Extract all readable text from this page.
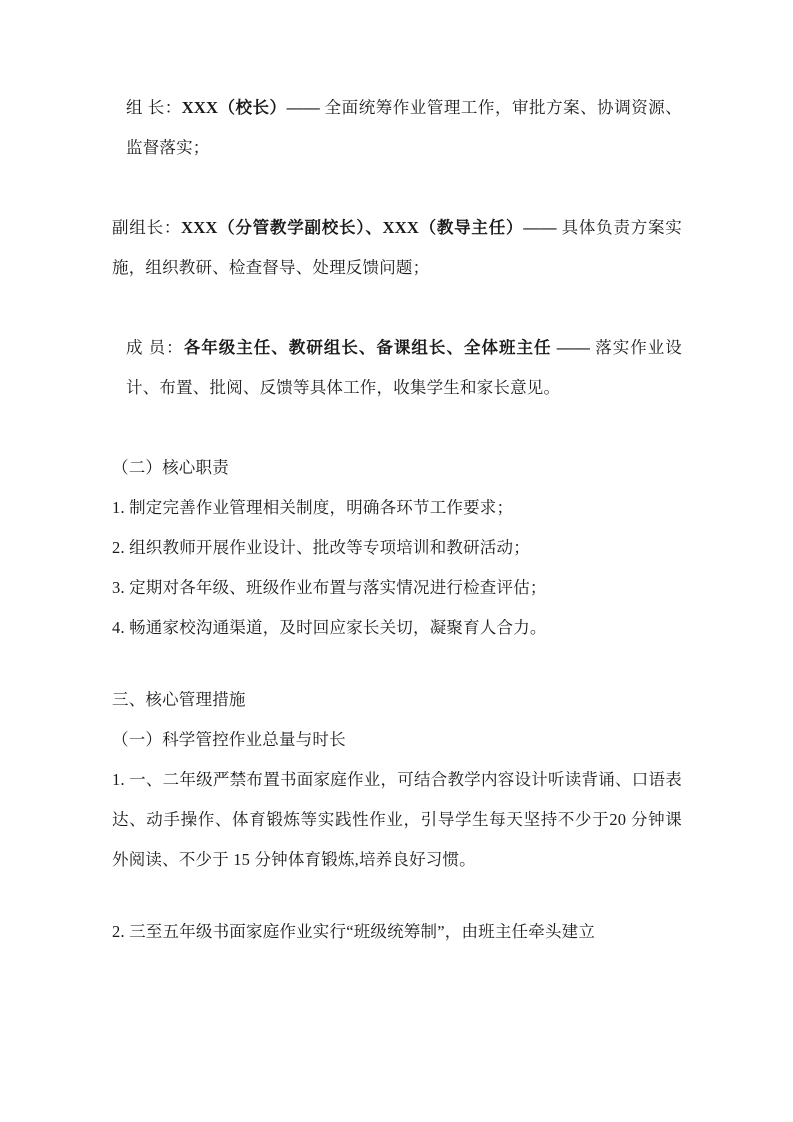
组 长：XXX（校长）—— 全面统筹作业管理工作，审批方案、协调资源、监督落实；

副组长：XXX（分管教学副校长）、XXX（教导主任）—— 具体负责方案实施，组织教研、检查督导、处理反馈问题；

成 员：各年级主任、教研组长、备课组长、全体班主任 —— 落实作业设计、布置、批阅、反馈等具体工作，收集学生和家长意见。

（二）核心职责

1. 制定完善作业管理相关制度，明确各环节工作要求；

2. 组织教师开展作业设计、批改等专项培训和教研活动；

3. 定期对各年级、班级作业布置与落实情况进行检查评估；

4. 畅通家校沟通渠道，及时回应家长关切，凝聚育人合力。

三、核心管理措施

（一）科学管控作业总量与时长

1. 一、二年级严禁布置书面家庭作业，可结合教学内容设计听读背诵、口语表达、动手操作、体育锻炼等实践性作业，引导学生每天坚持不少于20 分钟课外阅读、不少于 15 分钟体育锻炼,培养良好习惯。

2. 三至五年级书面家庭作业实行“班级统筹制”，由班主任牵头建立
